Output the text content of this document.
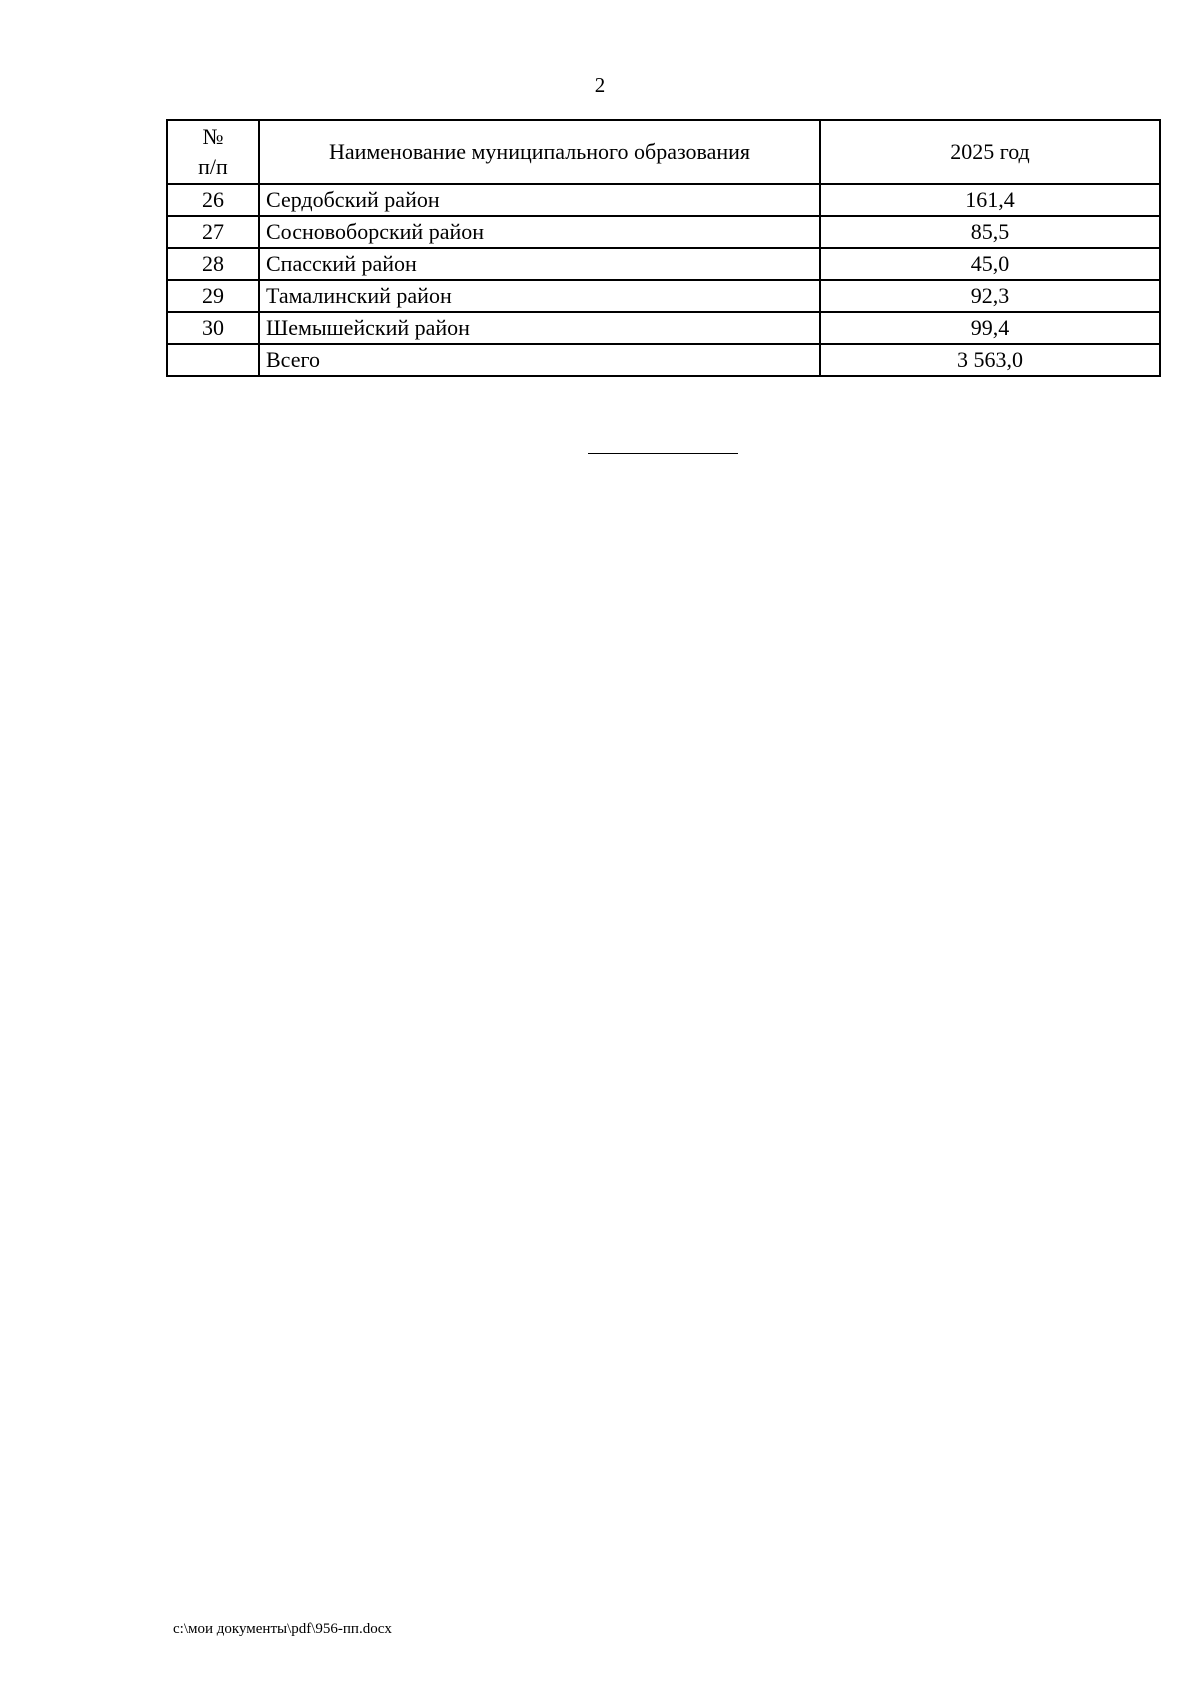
2
№
п/п	Наименование муниципального образования	2025 год
26	Сердобский район	161,4
27	Сосновоборский район	85,5
28	Спасский район	45,0
29	Тамалинский район	92,3
30	Шемышейский район	99,4
	Всего	3 563,0
c:\мои документы\pdf\956-пп.docx
